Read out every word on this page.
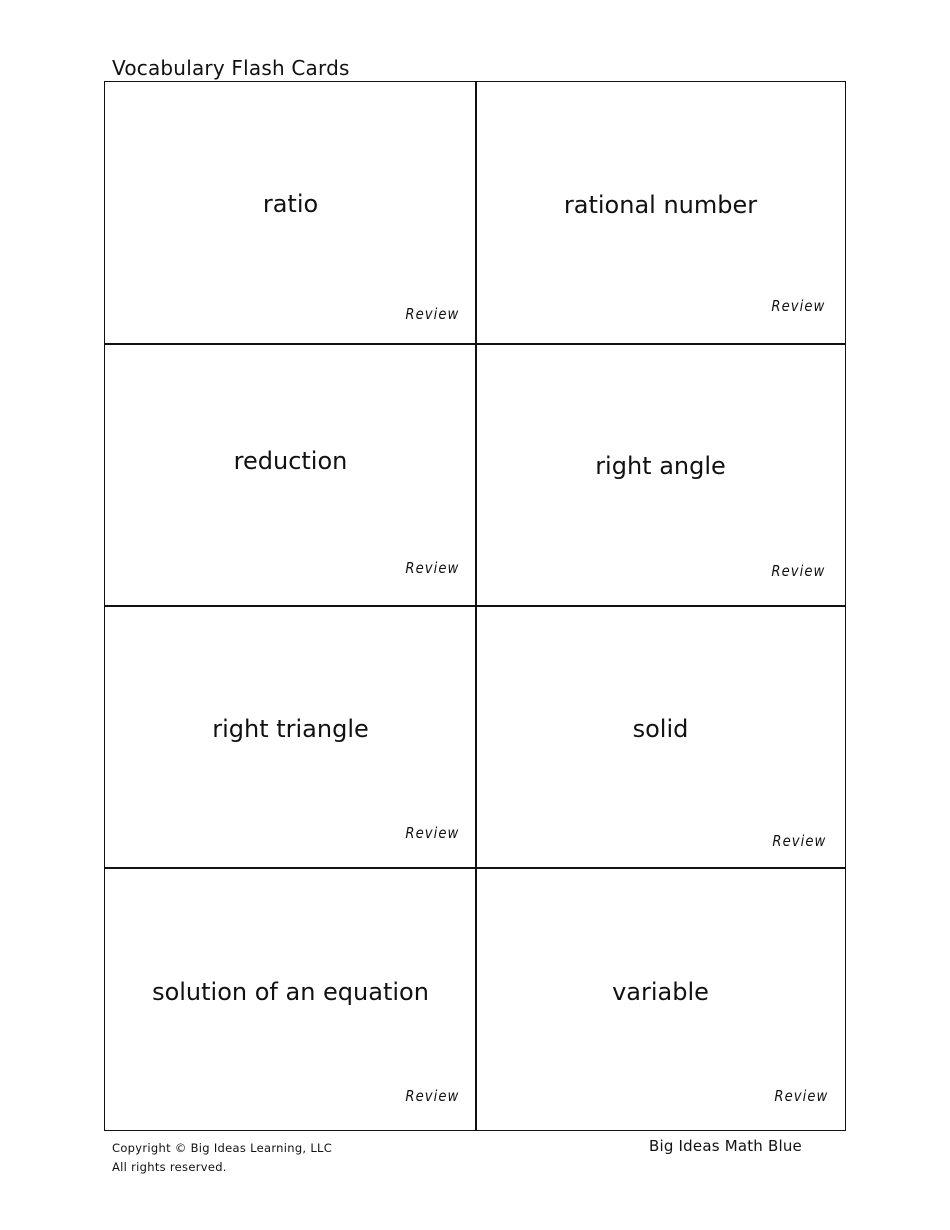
Vocabulary Flash Cards
ratio
Review
rational number
Review
reduction
Review
right angle
Review
right triangle
Review
solid
Review
solution of an equation
Review
variable
Review
Copyright © Big Ideas Learning, LLC
All rights reserved.
Big Ideas Math Blue
